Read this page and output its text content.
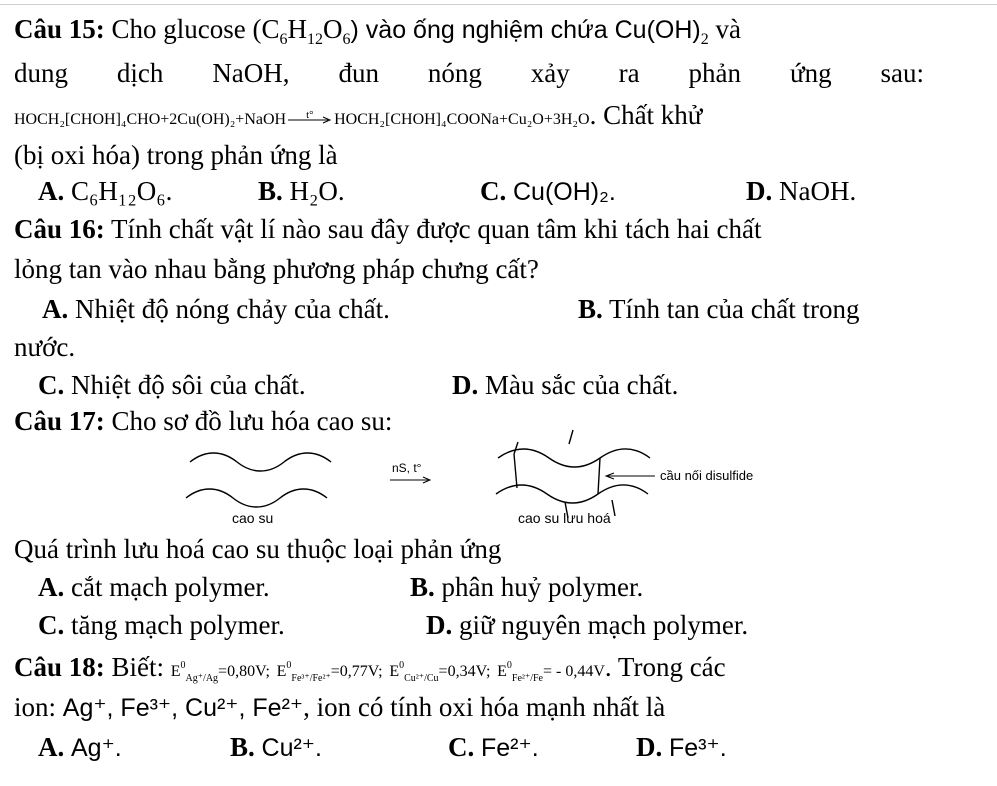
Câu 15: Cho glucose $(C_6H_{12}O_6)$ vào ống nghiệm chứa $Cu(OH)_2$ và
dung dịch NaOH, đun nóng xảy ra phản ứng sau:
HOCH₂[CHOH]₄CHO+2Cu(OH)₂+NaOH t° HOCH₂[CHOH]₄COONa+Cu₂O+3H₂O. Chất khử
(bị oxi hóa) trong phản ứng là
A. C₆H₁₂O₆.	B. H₂O.	C. Cu(OH)₂.	D. NaOH.
Câu 16: Tính chất vật lí nào sau đây được quan tâm khi tách hai chất
lỏng tan vào nhau bằng phương pháp chưng cất?
A. Nhiệt độ nóng chảy của chất.	B. Tính tan của chất trong
nước.
C. Nhiệt độ sôi của chất.	D. Màu sắc của chất.
Câu 17: Cho sơ đồ lưu hóa cao su:
cao su
nS, t°	cầu nối disulfide
cao su lưu hoá
Quá trình lưu hoá cao su thuộc loại phản ứng
A. cắt mạch polymer.	B. phân huỷ polymer.
C. tăng mạch polymer.	D. giữ nguyên mạch polymer.
Câu 18: Biết: $E^0_{Ag^+/Ag}=0,80V$; $E^0_{Fe^{3+}/Fe^{2+}}=0,77V$; $E^0_{Cu^{2+}/Cu}=0,34V$; $E^0_{Fe^{2+}/Fe}= - 0,44V$. Trong các
ion: Ag⁺, Fe³⁺, Cu²⁺, Fe²⁺, ion có tính oxi hóa mạnh nhất là
A. Ag⁺.	B. Cu²⁺.	C. Fe²⁺.	D. Fe³⁺.
